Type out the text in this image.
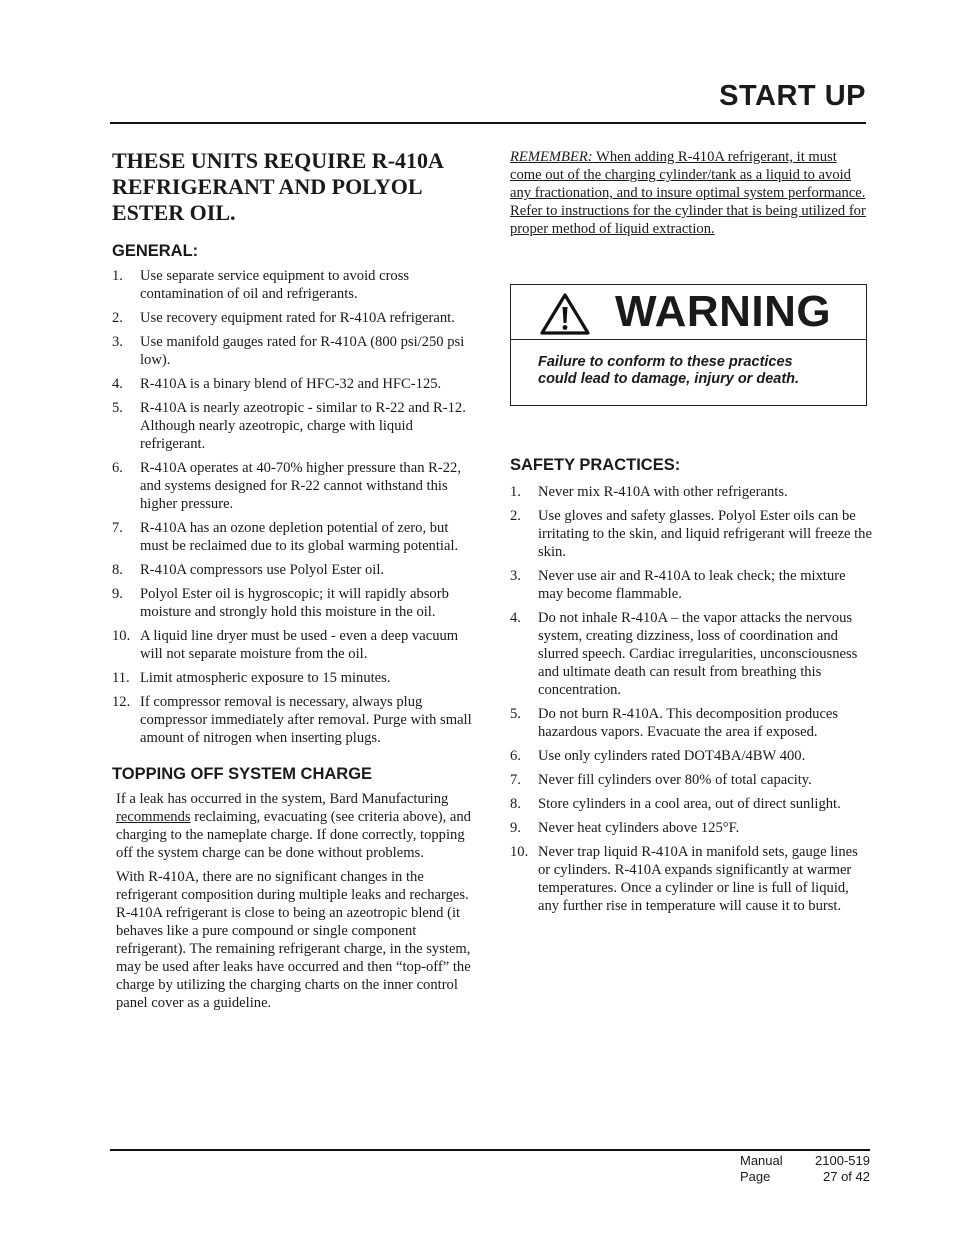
START UP
THESE UNITS REQUIRE R-410A REFRIGERANT AND POLYOL ESTER OIL.
GENERAL:
1.	Use separate service equipment to avoid cross contamination of oil and refrigerants.
2.	Use recovery equipment rated for R-410A refrigerant.
3.	Use manifold gauges rated for R-410A (800 psi/250 psi low).
4.	R-410A is a binary blend of HFC-32 and HFC-125.
5.	R-410A is nearly azeotropic - similar to R-22 and R-12. Although nearly azeotropic, charge with liquid refrigerant.
6.	R-410A operates at 40-70% higher pressure than R-22, and systems designed for R-22 cannot withstand this higher pressure.
7.	R-410A has an ozone depletion potential of zero, but must be reclaimed due to its global warming potential.
8.	R-410A compressors use Polyol Ester oil.
9.	Polyol Ester oil is hygroscopic; it will rapidly absorb moisture and strongly hold this moisture in the oil.
10. A liquid line dryer must be used - even a deep vacuum will not separate moisture from the oil.
11. Limit atmospheric exposure to 15 minutes.
12. If compressor removal is necessary, always plug compressor immediately after removal. Purge with small amount of nitrogen when inserting plugs.
TOPPING OFF SYSTEM CHARGE

If a leak has occurred in the system, Bard Manufacturing recommends reclaiming, evacuating (see criteria above), and charging to the nameplate charge. If done correctly, topping off the system charge can be done without problems.

With R-410A, there are no significant changes in the refrigerant composition during multiple leaks and recharges. R-410A refrigerant is close to being an azeotropic blend (it behaves like a pure compound or single component refrigerant). The remaining refrigerant charge, in the system, may be used after leaks have occurred and then “top-off” the charge by utilizing the charging charts on the inner control panel cover as a guideline.

REMEMBER: When adding R-410A refrigerant, it must come out of the charging cylinder/tank as a liquid to avoid any fractionation, and to insure optimal system performance. Refer to instructions for the cylinder that is being utilized for proper method of liquid extraction.

WARNING
Failure to conform to these practices
could lead to damage, injury or death.
SAFETY PRACTICES:
1.	Never mix R-410A with other refrigerants.
2.	Use gloves and safety glasses. Polyol Ester oils can be irritating to the skin, and liquid refrigerant will freeze the skin.
3.	Never use air and R-410A to leak check; the mixture may become flammable.
4.	Do not inhale R-410A – the vapor attacks the nervous system, creating dizziness, loss of coordination and slurred speech. Cardiac irregularities, unconsciousness and ultimate death can result from breathing this concentration.
5.	Do not burn R-410A. This decomposition produces hazardous vapors. Evacuate the area if exposed.
6.	Use only cylinders rated DOT4BA/4BW 400.
7.	Never fill cylinders over 80% of total capacity.
8.	Store cylinders in a cool area, out of direct sunlight.
9.	Never heat cylinders above 125°F.
10. Never trap liquid R-410A in manifold sets, gauge lines or cylinders. R-410A expands significantly at warmer temperatures. Once a cylinder or line is full of liquid, any further rise in temperature will cause it to burst.
Manual	2100-519
Page	27 of 42
